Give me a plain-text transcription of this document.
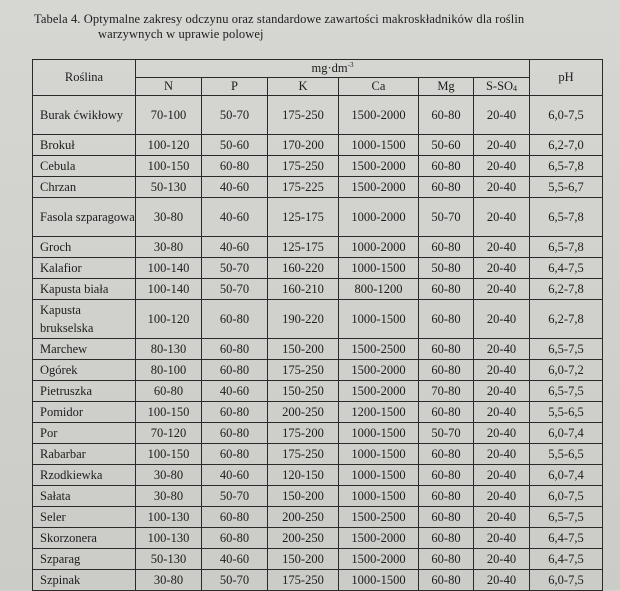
Tabela 4. Optymalne zakresy odczynu oraz standardowe zawartości makroskładników dla roślin
warzywnych w uprawie polowej
Roślina	$mg\cdot dm^{-3}$						pH
	N	P	K	Ca	Mg	S-SO4	
Burak ćwikłowy	70-100	50-70	175-250	1500-2000	60-80	20-40	6,0-7,5
Brokuł	100-120	50-60	170-200	1000-1500	50-60	20-40	6,2-7,0
Cebula	100-150	60-80	175-250	1500-2000	60-80	20-40	6,5-7,8
Chrzan	50-130	40-60	175-225	1500-2000	60-80	20-40	5,5-6,7
Fasola szparagowa	30-80	40-60	125-175	1000-2000	50-70	20-40	6,5-7,8
Groch	30-80	40-60	125-175	1000-2000	60-80	20-40	6,5-7,8
Kalafior	100-140	50-70	160-220	1000-1500	50-80	20-40	6,4-7,5
Kapusta biała	100-140	50-70	160-210	800-1200	60-80	20-40	6,2-7,8
Kapusta brukselska	100-120	60-80	190-220	1000-1500	60-80	20-40	6,2-7,8
Marchew	80-130	60-80	150-200	1500-2500	60-80	20-40	6,5-7,5
Ogórek	80-100	60-80	175-250	1500-2000	60-80	20-40	6,0-7,2
Pietruszka	60-80	40-60	150-250	1500-2000	70-80	20-40	6,5-7,5
Pomidor	100-150	60-80	200-250	1200-1500	60-80	20-40	5,5-6,5
Por	70-120	60-80	175-200	1000-1500	50-70	20-40	6,0-7,4
Rabarbar	100-150	60-80	175-250	1000-1500	60-80	20-40	5,5-6,5
Rzodkiewka	30-80	40-60	120-150	1000-1500	60-80	20-40	6,0-7,4
Sałata	30-80	50-70	150-200	1000-1500	60-80	20-40	6,0-7,5
Seler	100-130	60-80	200-250	1500-2500	60-80	20-40	6,5-7,5
Skorzonera	100-130	60-80	200-250	1500-2000	60-80	20-40	6,4-7,5
Szparag	50-130	40-60	150-200	1500-2000	60-80	20-40	6,4-7,5
Szpinak	30-80	50-70	175-250	1000-1500	60-80	20-40	6,0-7,5
